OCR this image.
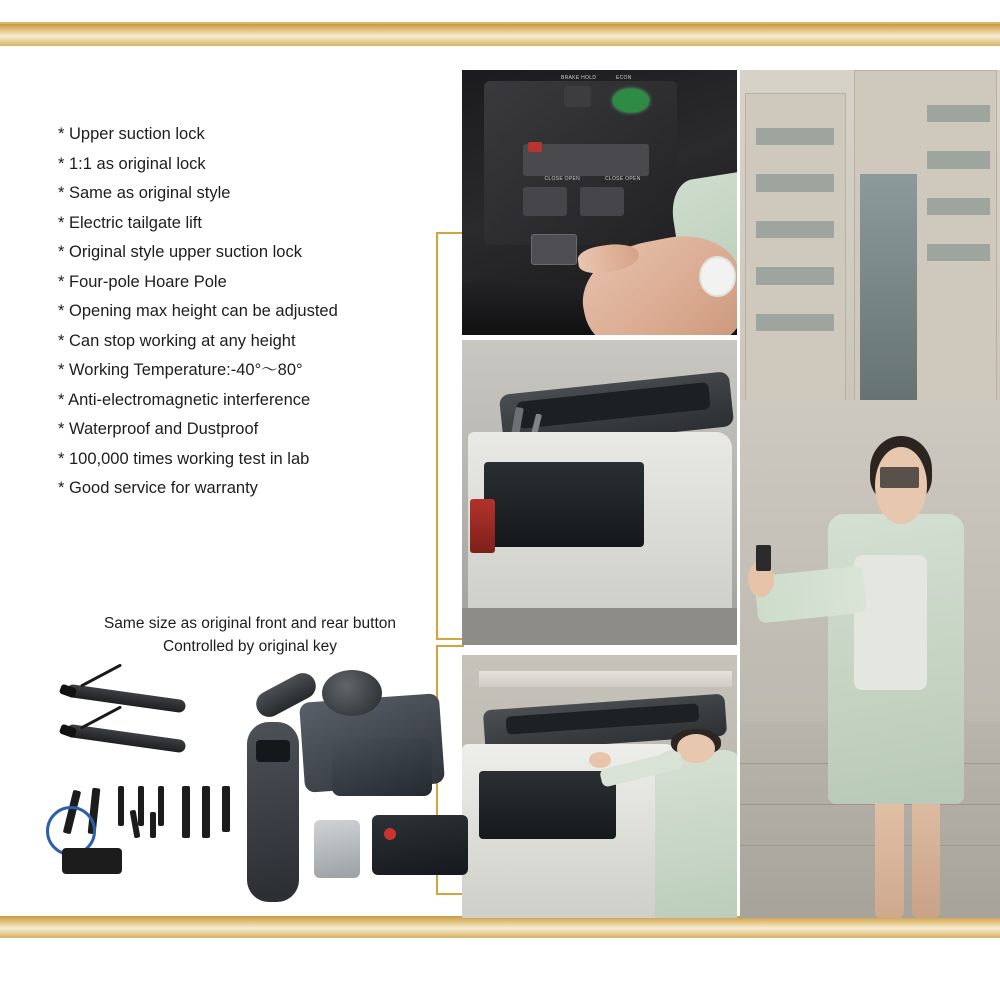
* Upper suction lock
* 1:1 as original lock
* Same as original style
* Electric tailgate lift
* Original style upper suction lock
* Four-pole Hoare Pole
* Opening max height can be adjusted
* Can stop working at any height
* Working Temperature:-40°～80°
* Anti-electromagnetic interference
* Waterproof and Dustproof
* 100,000 times working test in lab
* Good service for warranty
Same size as original front and rear button
Controlled by original key
BRAKE HOLD	ECON
CLOSE OPEN	CLOSE OPEN
